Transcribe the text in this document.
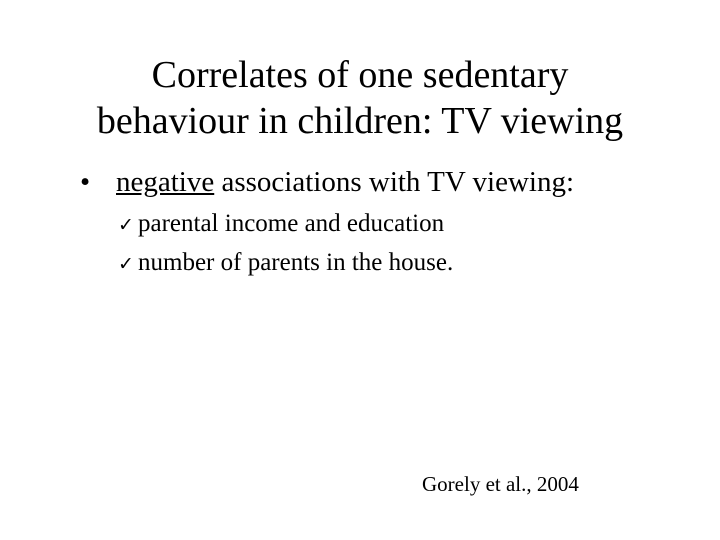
Correlates of one sedentary
behaviour in children: TV viewing
• negative associations with TV viewing:
✓ parental income and education
✓ number of parents in the house.
Gorely et al., 2004
